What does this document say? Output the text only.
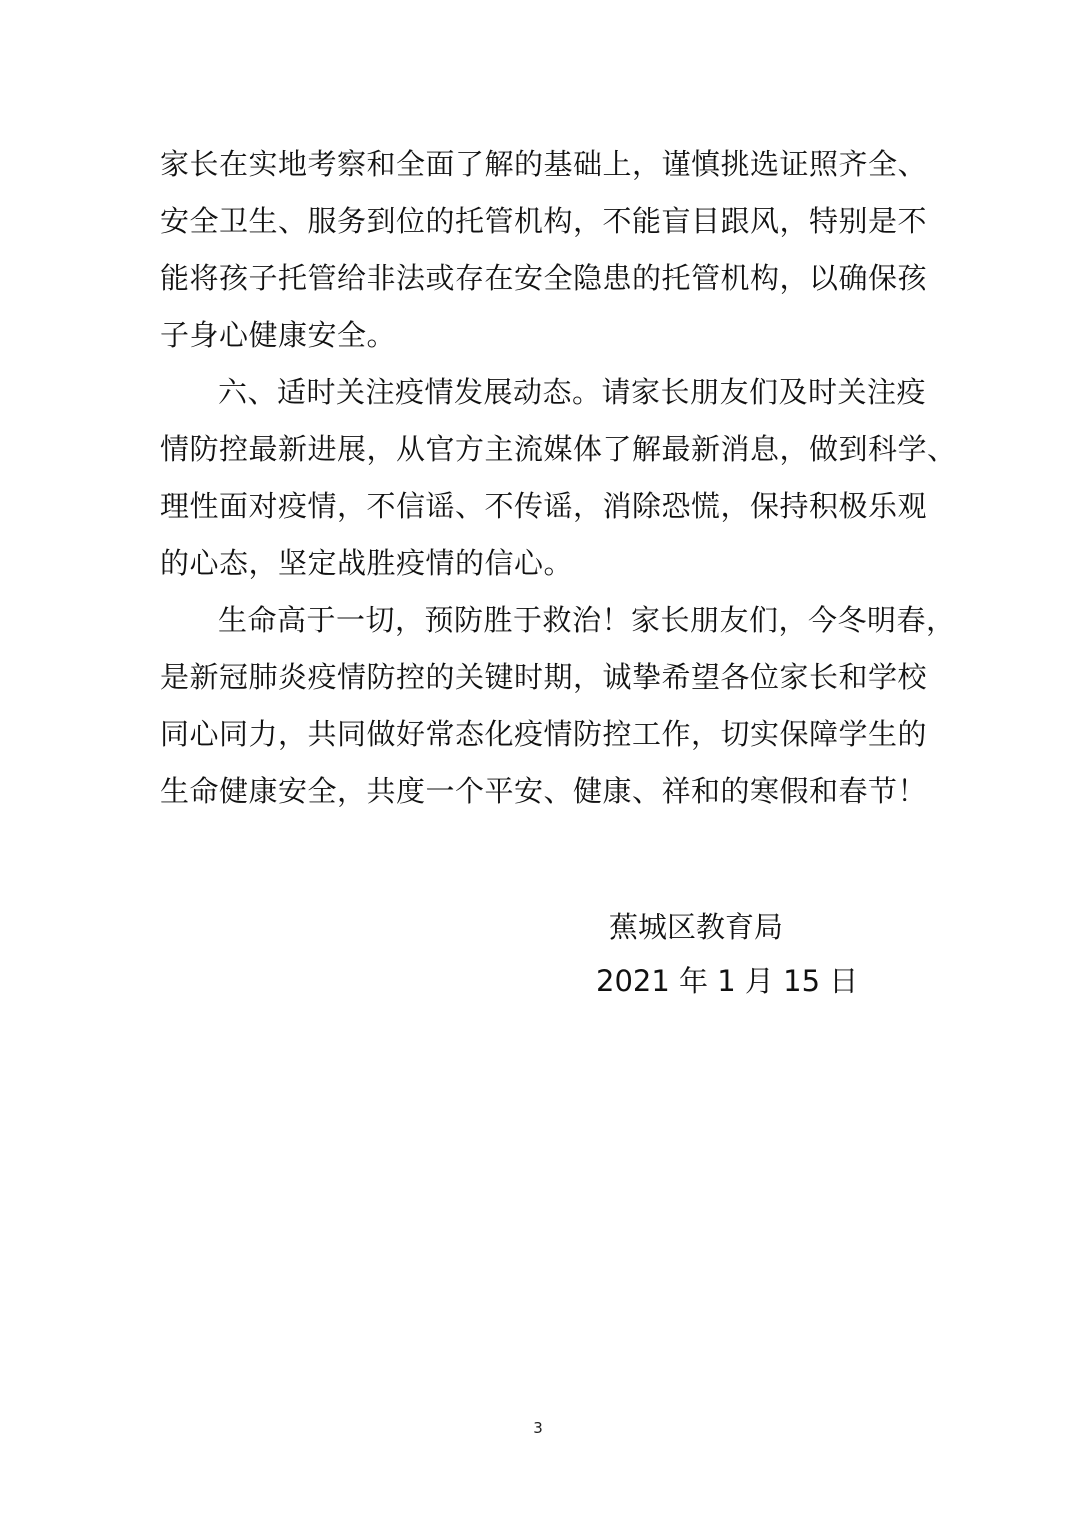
家长在实地考察和全面了解的基础上，谨慎挑选证照齐全、
安全卫生、服务到位的托管机构，不能盲目跟风，特别是不
能将孩子托管给非法或存在安全隐患的托管机构，以确保孩
子身心健康安全。
六、适时关注疫情发展动态。请家长朋友们及时关注疫
情防控最新进展，从官方主流媒体了解最新消息，做到科学、
理性面对疫情，不信谣、不传谣，消除恐慌，保持积极乐观
的心态，坚定战胜疫情的信心。
生命高于一切，预防胜于救治！家长朋友们，今冬明春，
是新冠肺炎疫情防控的关键时期，诚挚希望各位家长和学校
同心同力，共同做好常态化疫情防控工作，切实保障学生的
生命健康安全，共度一个平安、健康、祥和的寒假和春节！
蕉城区教育局
2021 年 1 月 15 日
3
